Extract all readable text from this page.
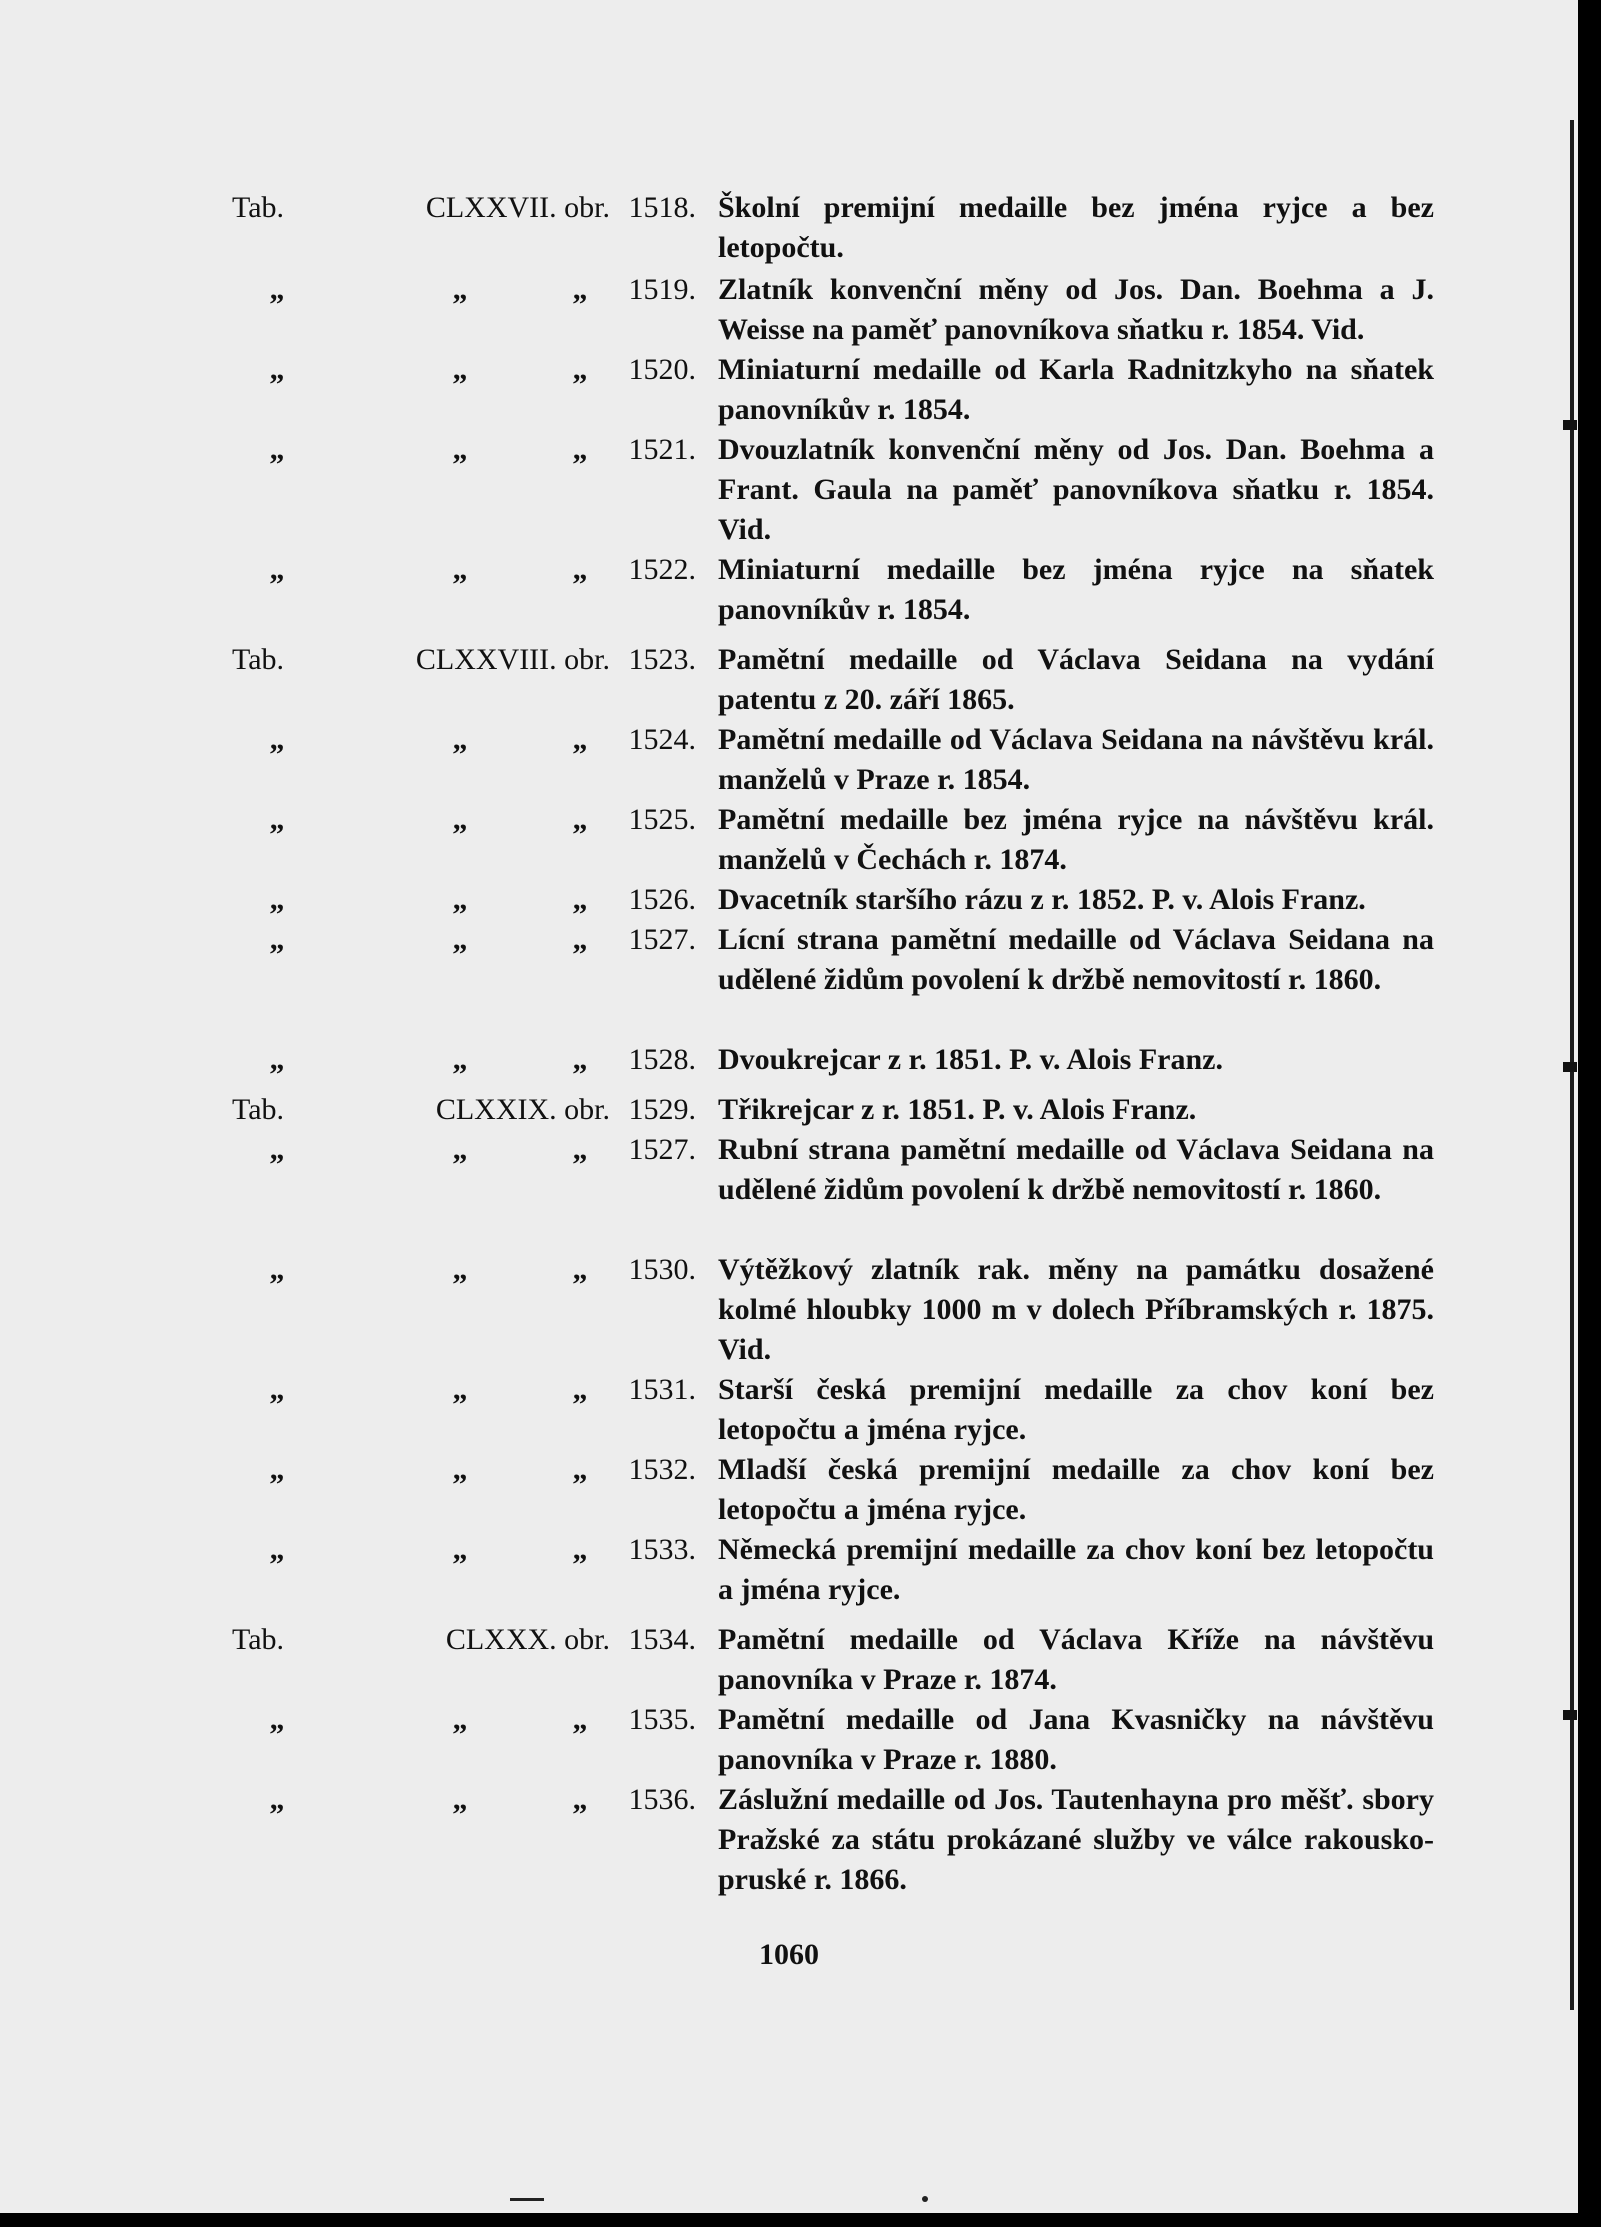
Tab.	CLXXVII. obr. 1518. Školní premijní medaille bez jména ryjce a bez letopočtu.
„	„	„	1519. Zlatník konvenční měny od Jos. Dan. Boehma a J. Weisse na paměť panovníkova sňatku r. 1854. Vid.
„	„	„	1520. Miniaturní medaille od Karla Radnitzkyho na sňatek panovníkův r. 1854.
„	„	„	1521. Dvouzlatník konvenční měny od Jos. Dan. Boehma a Frant. Gaula na paměť panovníkova sňatku r. 1854. Vid.
„	„	„	1522. Miniaturní medaille bez jména ryjce na sňatek panovníkův r. 1854.
Tab.	CLXXVIII. obr. 1523. Pamětní medaille od Václava Seidana na vydání patentu z 20. září 1865.
„	„	„	1524. Pamětní medaille od Václava Seidana na návštěvu král. manželů v Praze r. 1854.
„	„	„	1525. Pamětní medaille bez jména ryjce na návštěvu král. manželů v Čechách r. 1874.
„	„	„	1526. Dvacetník staršího rázu z r. 1852. P. v. Alois Franz.
„	„	„	1527. Lícní strana pamětní medaille od Václava Seidana na udělené židům povolení k držbě nemovitostí r. 1860.
„	„	„	1528. Dvoukrejcar z r. 1851. P. v. Alois Franz.
Tab.	CLXXIX. obr. 1529. Třikrejcar z r. 1851. P. v. Alois Franz.
„	„	„	1527. Rubní strana pamětní medaille od Václava Seidana na udělené židům povolení k držbě nemovitostí r. 1860.
„	„	„	1530. Výtěžkový zlatník rak. měny na památku dosažené kolmé hloubky 1000 m v dolech Příbramských r. 1875. Vid.
„	„	„	1531. Starší česká premijní medaille za chov koní bez letopočtu a jména ryjce.
„	„	„	1532. Mladší česká premijní medaille za chov koní bez letopočtu a jména ryjce.
„	„	„	1533. Německá premijní medaille za chov koní bez letopočtu a jména ryjce.
Tab.	CLXXX. obr. 1534. Pamětní medaille od Václava Kříže na návštěvu panovníka v Praze r. 1874.
„	„	„	1535. Pamětní medaille od Jana Kvasničky na návštěvu panovníka v Praze r. 1880.
„	„	„	1536. Záslužní medaille od Jos. Tautenhayna pro měšť. sbory Pražské za státu prokázané služby ve válce rakousko-pruské r. 1866.
1060
